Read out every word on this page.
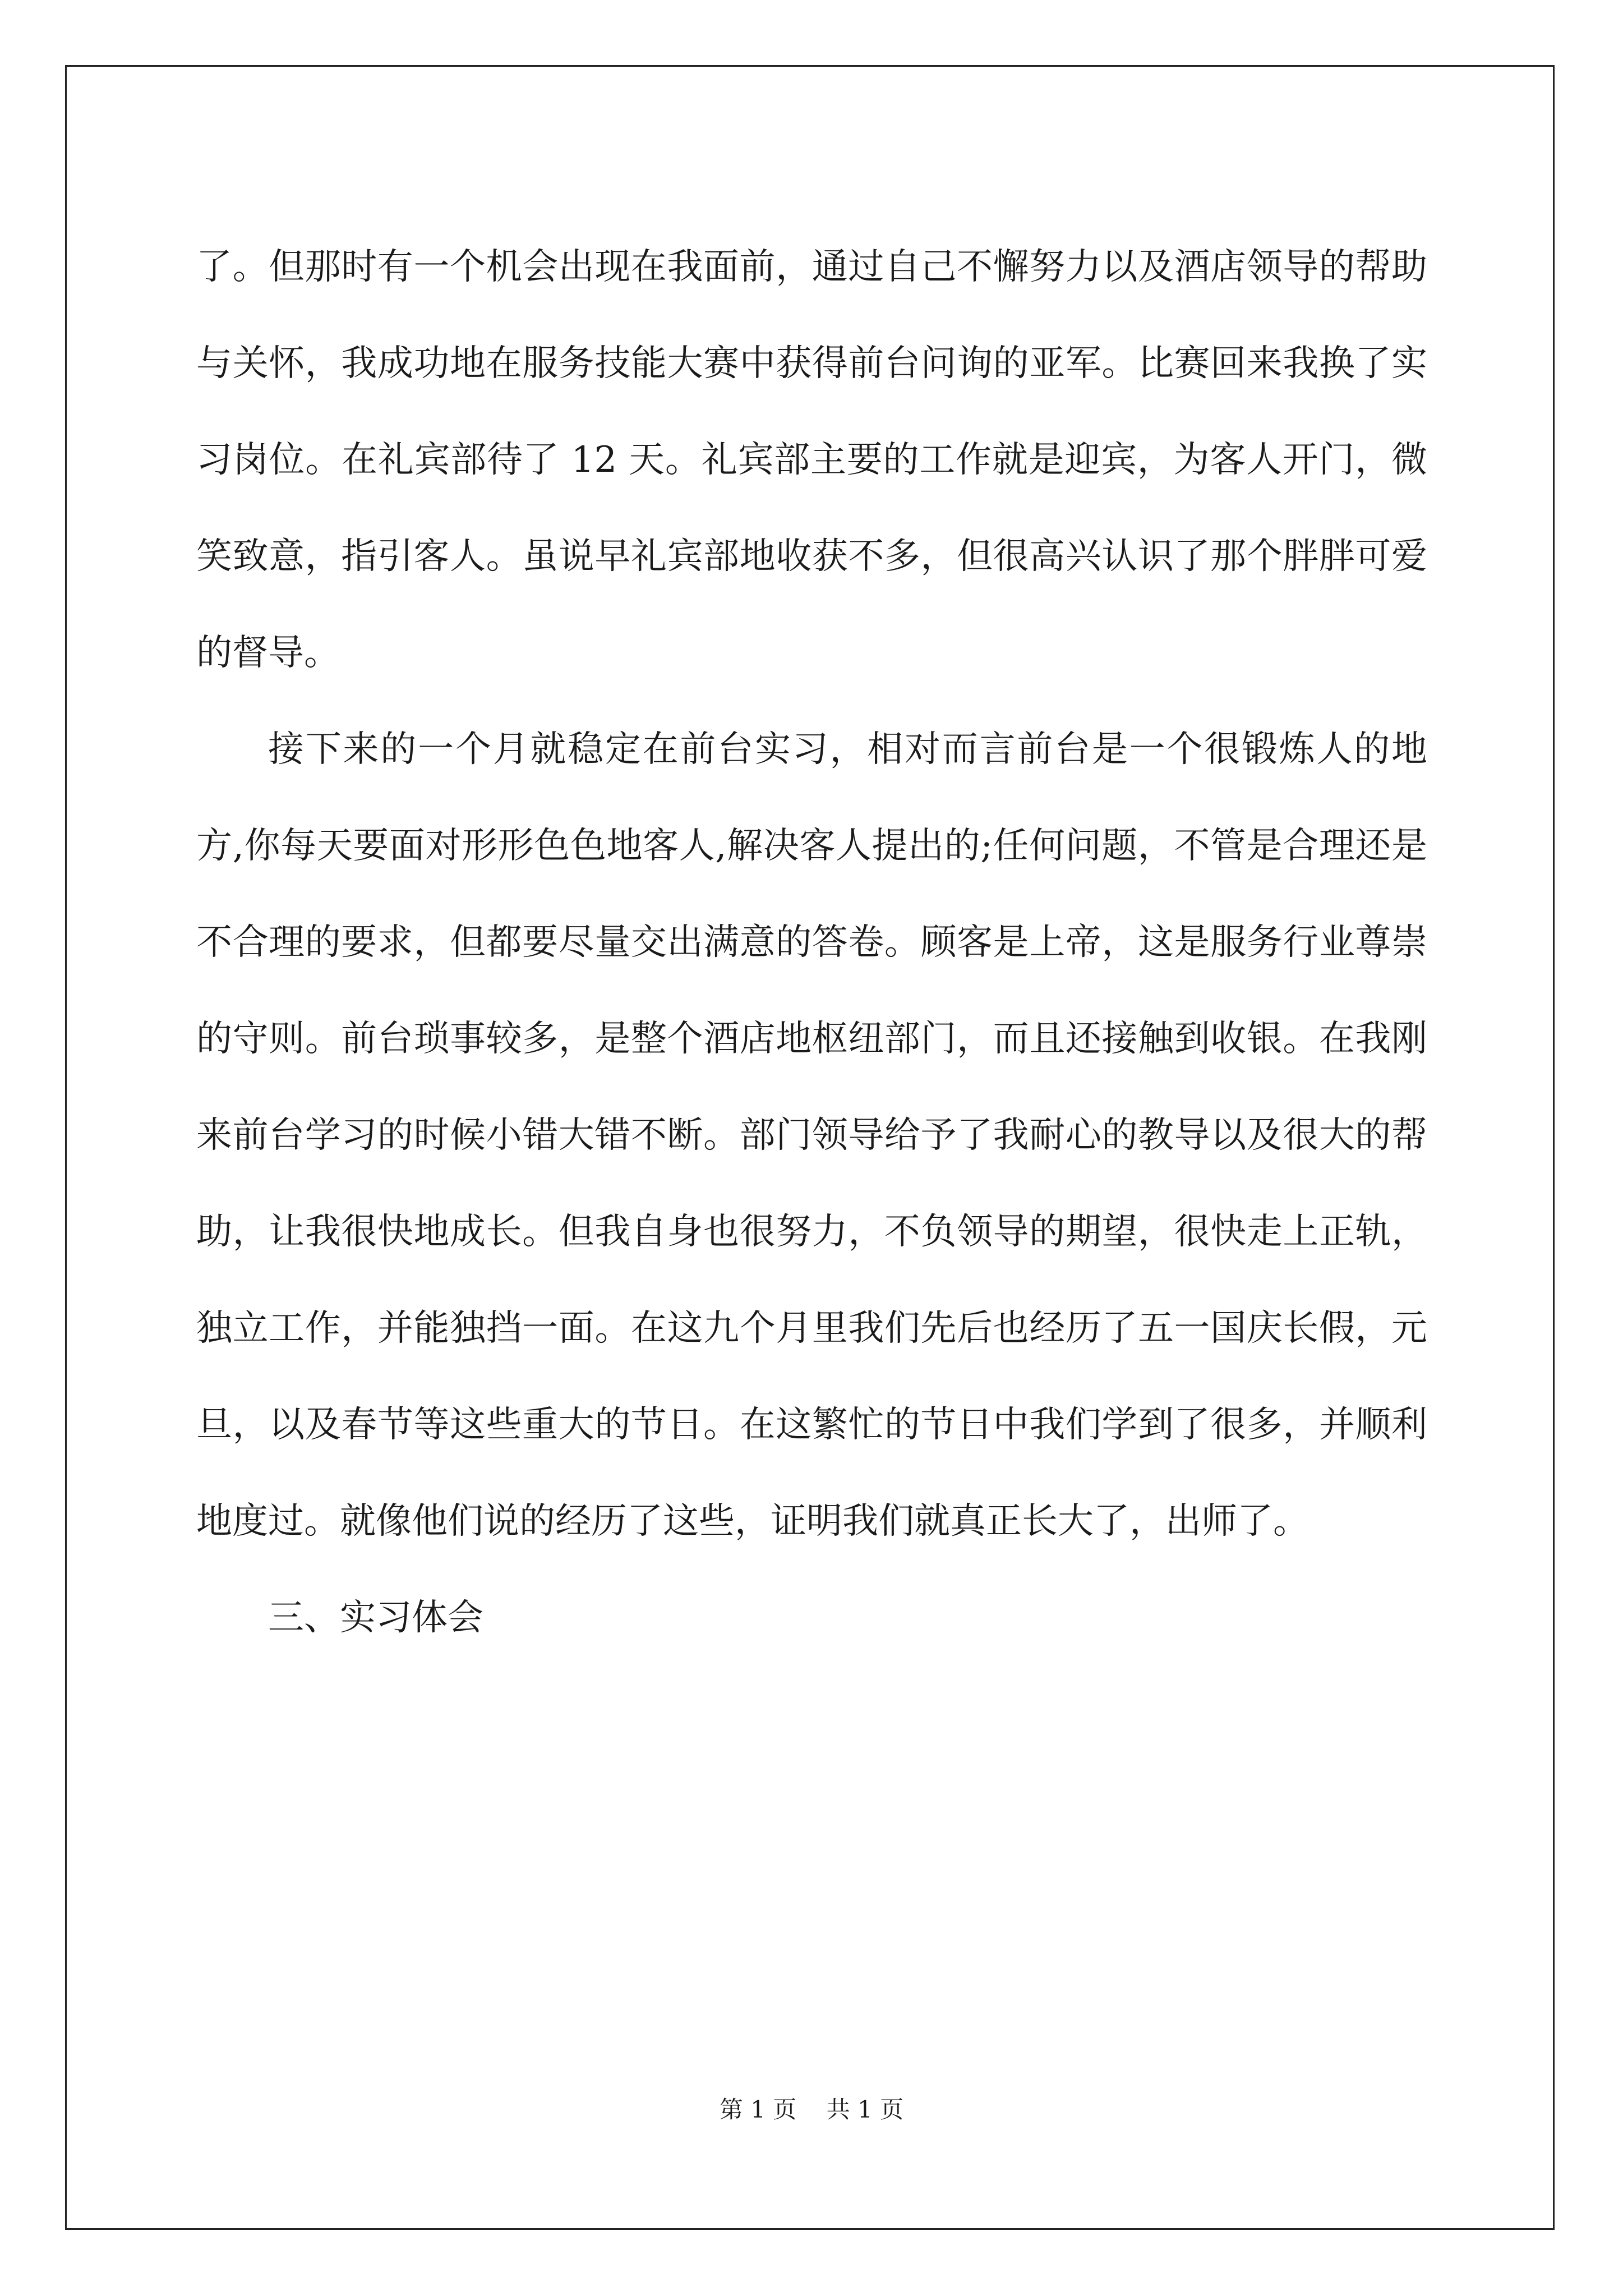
了。但那时有一个机会出现在我面前，通过自己不懈努力以及酒店领导的帮助与关怀，我成功地在服务技能大赛中获得前台问询的亚军。比赛回来我换了实习岗位。在礼宾部待了 12 天。礼宾部主要的工作就是迎宾，为客人开门，微笑致意，指引客人。虽说早礼宾部地收获不多，但很高兴认识了那个胖胖可爱的督导。

接下来的一个月就稳定在前台实习，相对而言前台是一个很锻炼人的地方,你每天要面对形形色色地客人,解决客人提出的;任何问题，不管是合理还是不合理的要求，但都要尽量交出满意的答卷。顾客是上帝，这是服务行业尊崇的守则。前台琐事较多，是整个酒店地枢纽部门，而且还接触到收银。在我刚来前台学习的时候小错大错不断。部门领导给予了我耐心的教导以及很大的帮助，让我很快地成长。但我自身也很努力，不负领导的期望，很快走上正轨，独立工作，并能独挡一面。在这九个月里我们先后也经历了五一国庆长假，元旦，以及春节等这些重大的节日。在这繁忙的节日中我们学到了很多，并顺利地度过。就像他们说的经历了这些，证明我们就真正长大了，出师了。

三、实习体会

第 1 页    共 1 页
